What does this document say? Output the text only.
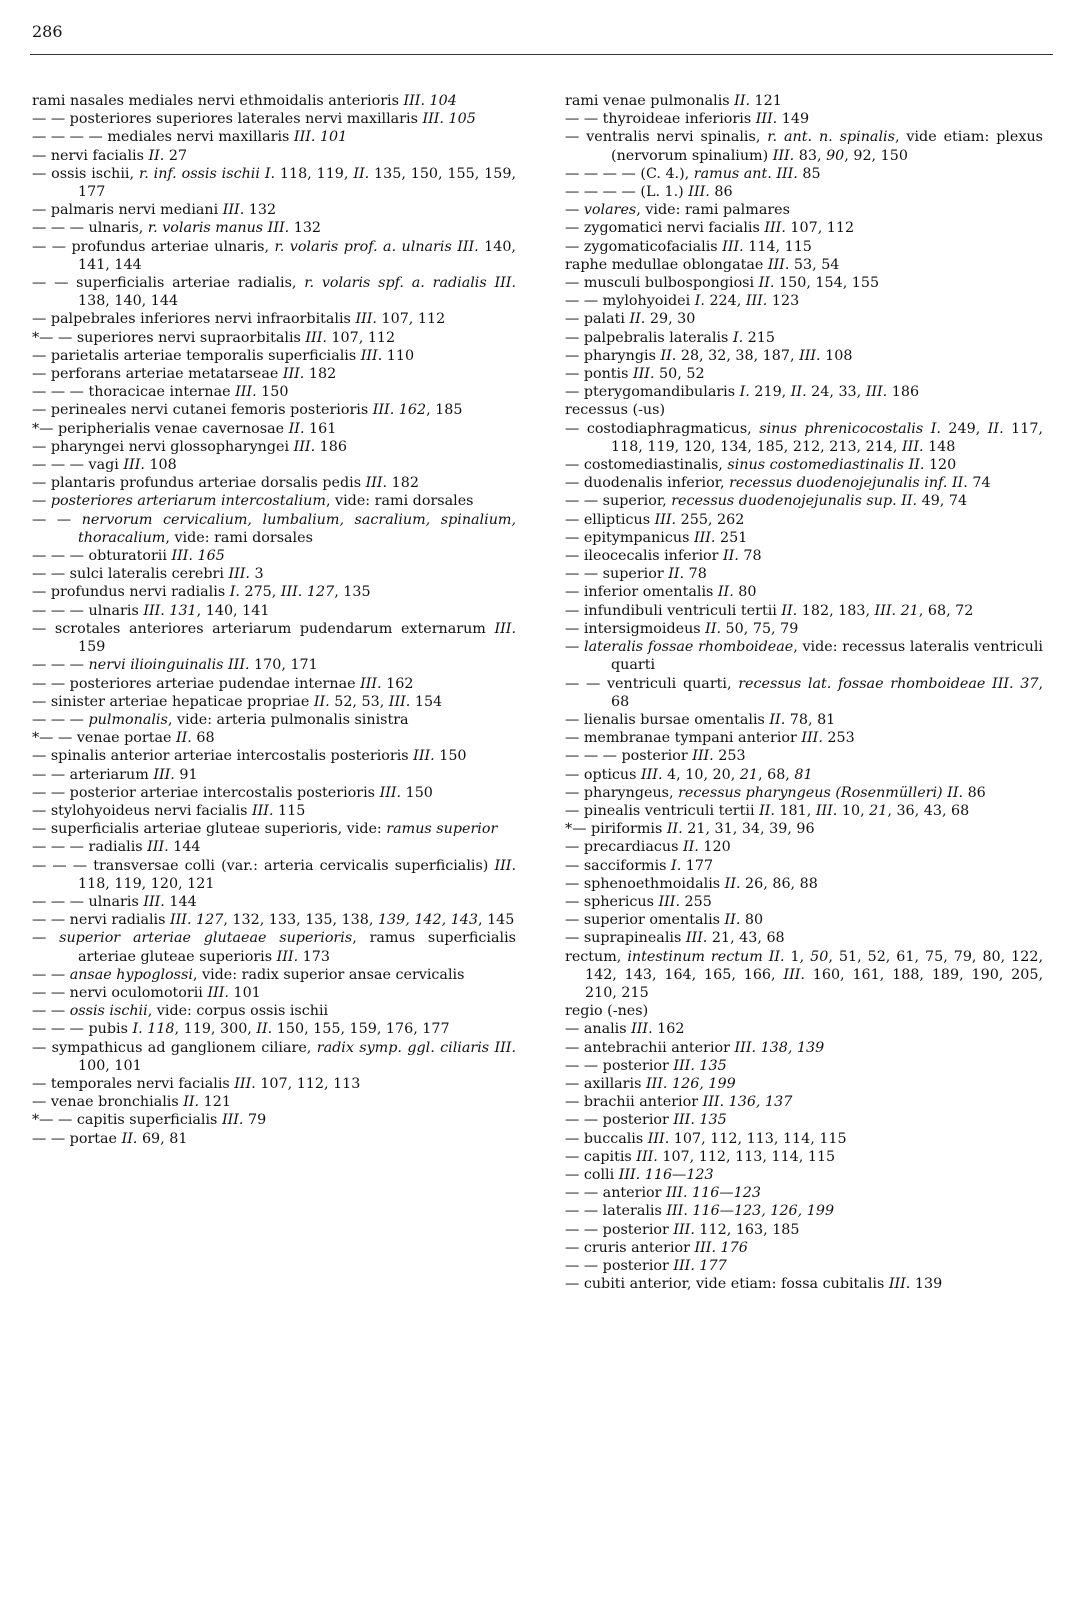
286

rami nasales mediales nervi ethmoidalis anterioris III. 104

— — posteriores superiores laterales nervi maxillaris III. 105

— — — — mediales nervi maxillaris III. 101

— nervi facialis II. 27

— ossis ischii, r. inf. ossis ischii I. 118, 119, II. 135, 150, 155, 159, 177

— palmaris nervi mediani III. 132

— — — ulnaris, r. volaris manus III. 132

— — profundus arteriae ulnaris, r. volaris prof. a. ulnaris III. 140, 141, 144

— — superficialis arteriae radialis, r. volaris spf. a. radialis III. 138, 140, 144

— palpebrales inferiores nervi infraorbitalis III. 107, 112

*— — superiores nervi supraorbitalis III. 107, 112

— parietalis arteriae temporalis superficialis III. 110

— perforans arteriae metatarseae III. 182

— — — thoracicae internae III. 150

— perineales nervi cutanei femoris posterioris III. 162, 185

*— peripherialis venae cavernosae II. 161

— pharyngei nervi glossopharyngei III. 186

— — — vagi III. 108

— plantaris profundus arteriae dorsalis pedis III. 182

— posteriores arteriarum intercostalium, vide: rami dorsales

— — nervorum cervicalium, lumbalium, sacralium, spinalium, thoracalium, vide: rami dorsales

— — — obturatorii III. 165

— — sulci lateralis cerebri III. 3

— profundus nervi radialis I. 275, III. 127, 135

— — — ulnaris III. 131, 140, 141

— scrotales anteriores arteriarum pudendarum externarum III. 159

— — — nervi ilioinguinalis III. 170, 171

— — posteriores arteriae pudendae internae III. 162

— sinister arteriae hepaticae propriae II. 52, 53, III. 154

— — — pulmonalis, vide: arteria pulmonalis sinistra

*— — venae portae II. 68

— spinalis anterior arteriae intercostalis posterioris III. 150

— — arteriarum III. 91

— — posterior arteriae intercostalis posterioris III. 150

— stylohyoideus nervi facialis III. 115

— superficialis arteriae gluteae superioris, vide: ramus superior

— — — radialis III. 144

— — — transversae colli (var.: arteria cervicalis superficialis) III. 118, 119, 120, 121

— — — ulnaris III. 144

— — nervi radialis III. 127, 132, 133, 135, 138, 139, 142, 143, 145

— superior arteriae glutaeae superioris, ramus superficialis arteriae gluteae superioris III. 173

— — ansae hypoglossi, vide: radix superior ansae cervicalis

— — nervi oculomotorii III. 101

— — ossis ischii, vide: corpus ossis ischii

— — — pubis I. 118, 119, 300, II. 150, 155, 159, 176, 177

— sympathicus ad ganglionem ciliare, radix symp. ggl. ciliaris III. 100, 101

— temporales nervi facialis III. 107, 112, 113

— venae bronchialis II. 121

*— — capitis superficialis III. 79

— — portae II. 69, 81

rami venae pulmonalis II. 121

— — thyroideae inferioris III. 149

— ventralis nervi spinalis, r. ant. n. spinalis, vide etiam: plexus (nervorum spinalium) III. 83, 90, 92, 150

— — — — (C. 4.), ramus ant. III. 85

— — — — (L. 1.) III. 86

— volares, vide: rami palmares

— zygomatici nervi facialis III. 107, 112

— zygomaticofacialis III. 114, 115

raphe medullae oblongatae III. 53, 54

— musculi bulbospongiosi II. 150, 154, 155

— — mylohyoidei I. 224, III. 123

— palati II. 29, 30

— palpebralis lateralis I. 215

— pharyngis II. 28, 32, 38, 187, III. 108

— pontis III. 50, 52

— pterygomandibularis I. 219, II. 24, 33, III. 186

recessus (-us)

— costodiaphragmaticus, sinus phrenicocostalis I. 249, II. 117, 118, 119, 120, 134, 185, 212, 213, 214, III. 148

— costomediastinalis, sinus costomediastinalis II. 120

— duodenalis inferior, recessus duodenojejunalis inf. II. 74

— — superior, recessus duodenojejunalis sup. II. 49, 74

— ellipticus III. 255, 262

— epitympanicus III. 251

— ileocecalis inferior II. 78

— — superior II. 78

— inferior omentalis II. 80

— infundibuli ventriculi tertii II. 182, 183, III. 21, 68, 72

— intersigmoideus II. 50, 75, 79

— lateralis fossae rhomboideae, vide: recessus lateralis ventriculi quarti

— — ventriculi quarti, recessus lat. fossae rhomboideae III. 37, 68

— lienalis bursae omentalis II. 78, 81

— membranae tympani anterior III. 253

— — — posterior III. 253

— opticus III. 4, 10, 20, 21, 68, 81

— pharyngeus, recessus pharyngeus (Rosenmülleri) II. 86

— pinealis ventriculi tertii II. 181, III. 10, 21, 36, 43, 68

*— piriformis II. 21, 31, 34, 39, 96

— precardiacus II. 120

— sacciformis I. 177

— sphenoethmoidalis II. 26, 86, 88

— sphericus III. 255

— superior omentalis II. 80

— suprapinealis III. 21, 43, 68

rectum, intestinum rectum II. 1, 50, 51, 52, 61, 75, 79, 80, 122, 142, 143, 164, 165, 166, III. 160, 161, 188, 189, 190, 205, 210, 215

regio (-nes)

— analis III. 162

— antebrachii anterior III. 138, 139

— — posterior III. 135

— axillaris III. 126, 199

— brachii anterior III. 136, 137

— — posterior III. 135

— buccalis III. 107, 112, 113, 114, 115

— capitis III. 107, 112, 113, 114, 115

— colli III. 116—123

— — anterior III. 116—123

— — lateralis III. 116—123, 126, 199

— — posterior III. 112, 163, 185

— cruris anterior III. 176

— — posterior III. 177

— cubiti anterior, vide etiam: fossa cubitalis III. 139
